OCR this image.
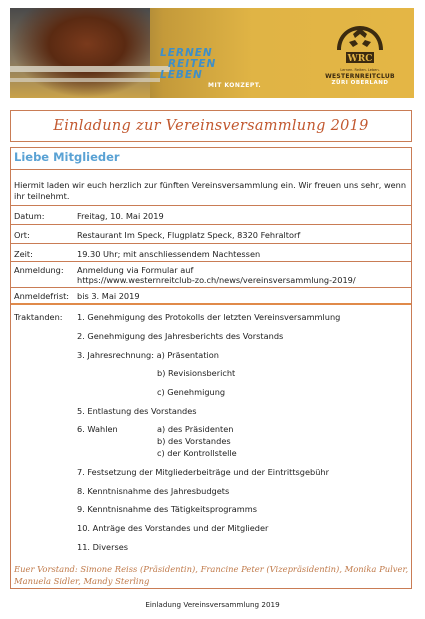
LERNEN
REITEN
LEBEN
MIT KONZEPT.
WRC
Lernen. Reiten. Leben.
WESTERNREITCLUB
ZÜRI OBERLAND
Einladung zur Vereinsversammlung 2019
Liebe Mitglieder
Hiermit laden wir euch herzlich zur fünften Vereinsversammlung ein. Wir freuen uns sehr, wenn ihr teilnehmt.
Datum:	Freitag, 10. Mai 2019
Ort:	Restaurant Im Speck, Flugplatz Speck, 8320 Fehraltorf
Zeit:	19.30 Uhr; mit anschliessendem Nachtessen
Anmeldung: Anmeldung via Formular auf
https://www.westernreitclub-zo.ch/news/vereinsversammlung-2019/
Anmeldefrist: bis 3. Mai 2019
Traktanden: 1. Genehmigung des Protokolls der letzten Vereinsversammlung
2. Genehmigung des Jahresberichts des Vorstands
3. Jahresrechnung: a) Präsentation
b) Revisionsbericht
c) Genehmigung
5. Entlastung des Vorstandes
6. Wahlen	a) des Präsidenten
b) des Vorstandes
c) der Kontrollstelle
7. Festsetzung der Mitgliederbeiträge und der Eintrittsgebühr
8. Kenntnisnahme des Jahresbudgets
9. Kenntnisnahme des Tätigkeitsprogramms
10. Anträge des Vorstandes und der Mitglieder
11. Diverses
Euer Vorstand: Simone Reiss (Präsidentin), Francine Peter (Vizepräsidentin), Monika Pulver, Manuela Sidler, Mandy Sterling
Einladung Vereinsversammlung 2019
